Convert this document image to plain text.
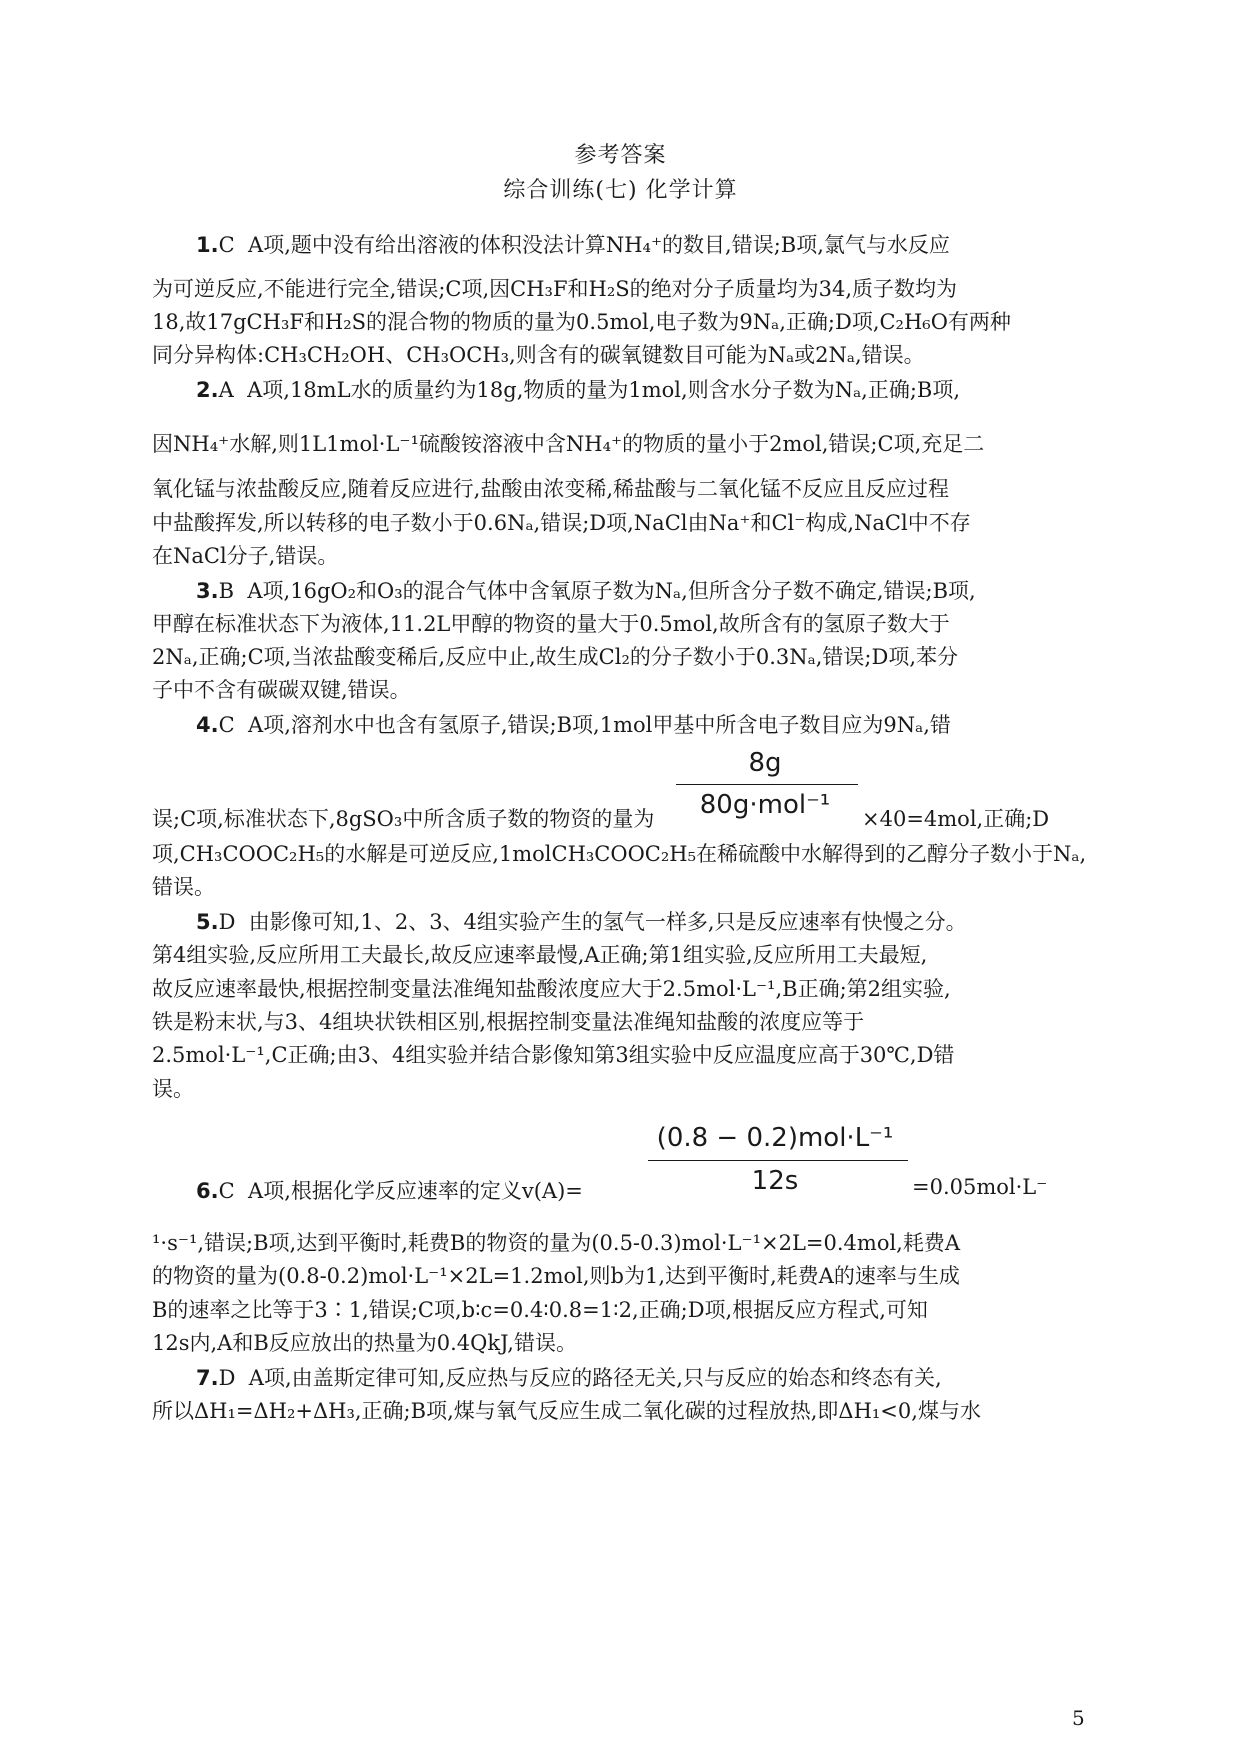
参考答案
综合训练(七) 化学计算
1.C A项,题中没有给出溶液的体积没法计算NH₄⁺的数目,错误;B项,氯气与水反应
为可逆反应,不能进行完全,错误;C项,因CH₃F和H₂S的绝对分子质量均为34,质子数均为
18,故17gCH₃F和H₂S的混合物的物质的量为0.5mol,电子数为9Nₐ,正确;D项,C₂H₆O有两种
同分异构体:CH₃CH₂OH、CH₃OCH₃,则含有的碳氧键数目可能为Nₐ或2Nₐ,错误。
2.A A项,18mL水的质量约为18g,物质的量为1mol,则含水分子数为Nₐ,正确;B项,
因NH₄⁺水解,则1L1mol·L⁻¹硫酸铵溶液中含NH₄⁺的物质的量小于2mol,错误;C项,充足二
氧化锰与浓盐酸反应,随着反应进行,盐酸由浓变稀,稀盐酸与二氧化锰不反应且反应过程
中盐酸挥发,所以转移的电子数小于0.6Nₐ,错误;D项,NaCl由Na⁺和Cl⁻构成,NaCl中不存
在NaCl分子,错误。
3.B A项,16gO₂和O₃的混合气体中含氧原子数为Nₐ,但所含分子数不确定,错误;B项,
甲醇在标准状态下为液体,11.2L甲醇的物资的量大于0.5mol,故所含有的氢原子数大于
2Nₐ,正确;C项,当浓盐酸变稀后,反应中止,故生成Cl₂的分子数小于0.3Nₐ,错误;D项,苯分
子中不含有碳碳双键,错误。
4.C A项,溶剂水中也含有氢原子,错误;B项,1mol甲基中所含电子数目应为9Nₐ,错
8g
80g·mol⁻¹
误;C项,标准状态下,8gSO₃中所含质子数的物资的量为	×40=4mol,正确;D
项,CH₃COOC₂H₅的水解是可逆反应,1molCH₃COOC₂H₅在稀硫酸中水解得到的乙醇分子数小于Nₐ,
错误。
5.D 由影像可知,1、2、3、4组实验产生的氢气一样多,只是反应速率有快慢之分。
第4组实验,反应所用工夫最长,故反应速率最慢,A正确;第1组实验,反应所用工夫最短,
故反应速率最快,根据控制变量法准绳知盐酸浓度应大于2.5mol·L⁻¹,B正确;第2组实验,
铁是粉末状,与3、4组块状铁相区别,根据控制变量法准绳知盐酸的浓度应等于
2.5mol·L⁻¹,C正确;由3、4组实验并结合影像知第3组实验中反应温度应高于30℃,D错
误。
(0.8 − 0.2)mol·L⁻¹
12s
6.C A项,根据化学反应速率的定义v(A)=	=0.05mol·L⁻
¹·s⁻¹,错误;B项,达到平衡时,耗费B的物资的量为(0.5-0.3)mol·L⁻¹×2L=0.4mol,耗费A
的物资的量为(0.8-0.2)mol·L⁻¹×2L=1.2mol,则b为1,达到平衡时,耗费A的速率与生成
B的速率之比等于3∶1,错误;C项,b∶c=0.4∶0.8=1∶2,正确;D项,根据反应方程式,可知
12s内,A和B反应放出的热量为0.4QkJ,错误。
7.D A项,由盖斯定律可知,反应热与反应的路径无关,只与反应的始态和终态有关,
所以ΔH₁=ΔH₂+ΔH₃,正确;B项,煤与氧气反应生成二氧化碳的过程放热,即ΔH₁<0,煤与水
5
